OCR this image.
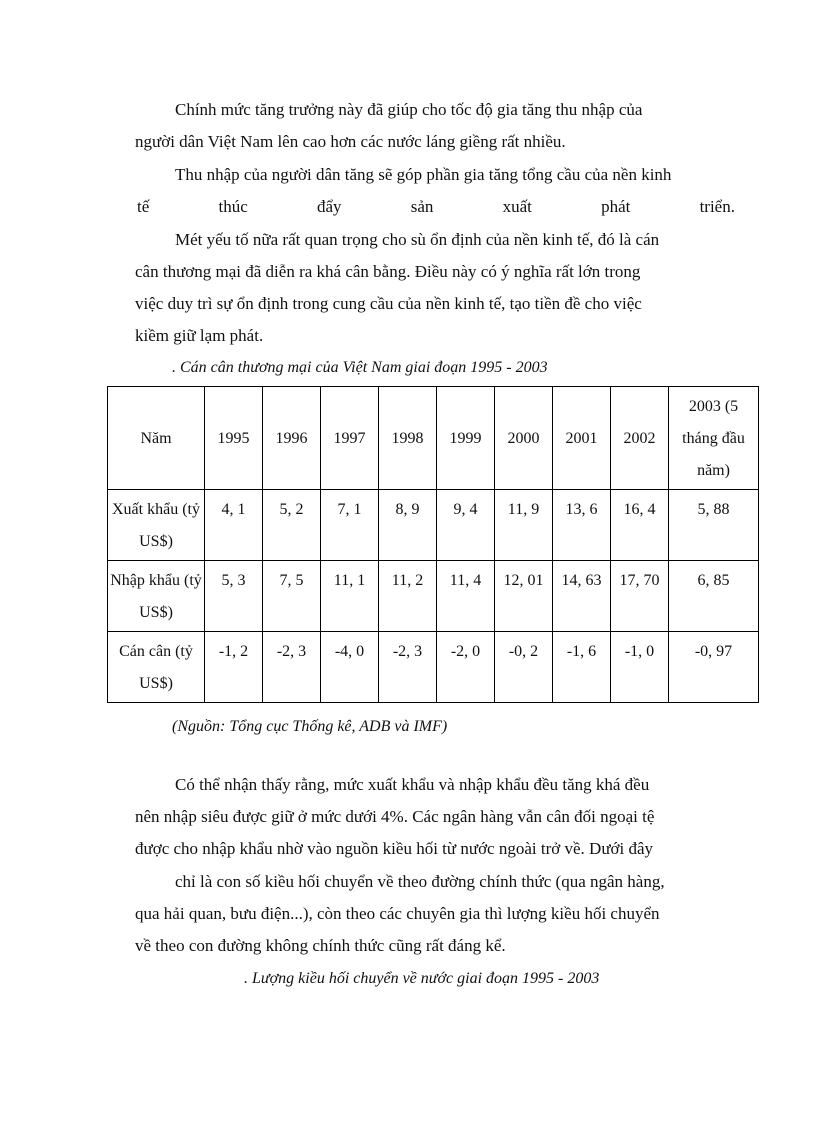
Chính mức tăng trưởng này đã giúp cho tốc độ gia tăng thu nhập của
người dân Việt Nam lên cao hơn các nước láng giềng rất nhiều.
Thu nhập của người dân tăng sẽ góp phần gia tăng tổng cầu của nền kinh
tế	thúc	đẩy	sản	xuất	phát	triển.
Mét yếu tố nữa rất quan trọng cho sù ổn định của nền kinh tế, đó là cán
cân thương mại đã diễn ra khá cân bằng. Điều này có ý nghĩa rất lớn trong
việc duy trì sự ổn định trong cung cầu của nền kinh tế, tạo tiền đề cho việc
kiềm giữ lạm phát.
. Cán cân thương mại của Việt Nam giai đoạn 1995 - 2003
Năm	1995	1996	1997	1998	1999	2000	2001	2002	2003 (5 tháng đầu năm)
Xuất khẩu (tỷ US$)	4, 1	5, 2	7, 1	8, 9	9, 4	11, 9	13, 6	16, 4	5, 88
Nhập khẩu (tỷ US$)	5, 3	7, 5	11, 1	11, 2	11, 4	12, 01	14, 63	17, 70	6, 85
Cán cân (tỷ US$)	-1, 2	-2, 3	-4, 0	-2, 3	-2, 0	-0, 2	-1, 6	-1, 0	-0, 97
(Nguồn: Tổng cục Thống kê, ADB và IMF)
Có thể nhận thấy rằng, mức xuất khẩu và nhập khẩu đều tăng khá đều
nên nhập siêu được giữ ở mức dưới 4%. Các ngân hàng vẫn cân đối ngoại tệ
được cho nhập khẩu nhờ vào nguồn kiều hối từ nước ngoài trở về. Dưới đây
chỉ là con số kiều hối chuyển về theo đường chính thức (qua ngân hàng,
qua hải quan, bưu điện...), còn theo các chuyên gia thì lượng kiều hối chuyển
về theo con đường không chính thức cũng rất đáng kể.
. Lượng kiều hối chuyển về nước giai đoạn 1995 - 2003
